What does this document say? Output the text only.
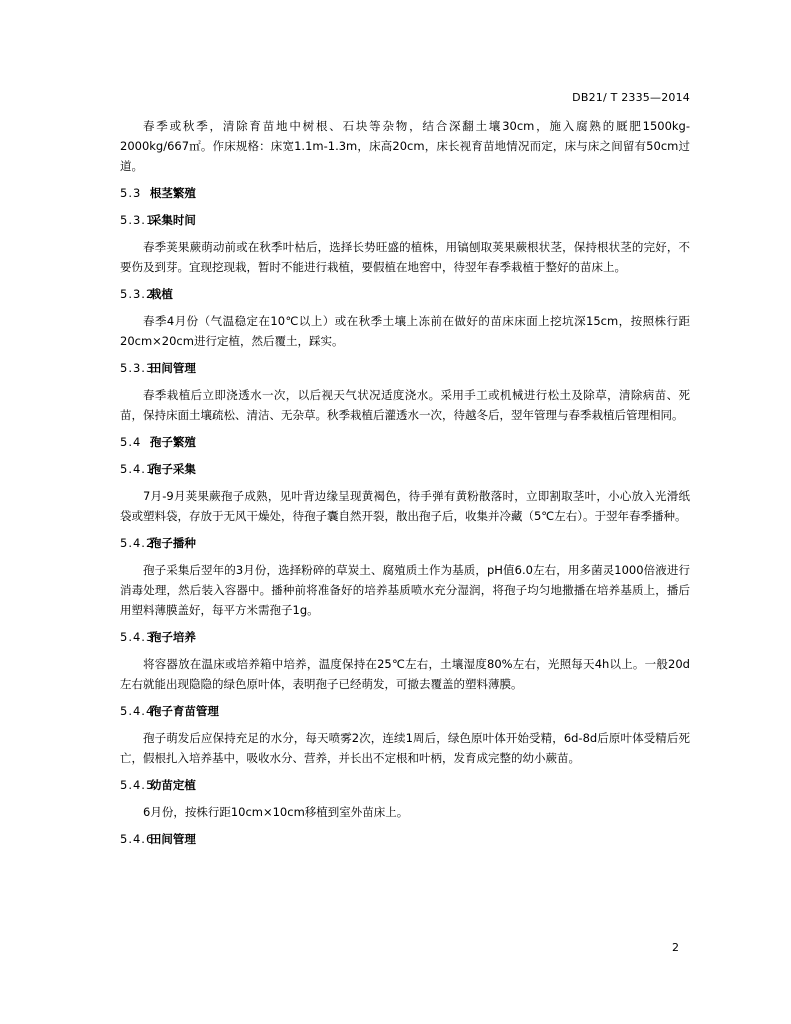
DB21/ T 2335—2014

春季或秋季，清除育苗地中树根、石块等杂物，结合深翻土壤30cm，施入腐熟的厩肥1500kg-2000kg/667㎡。作床规格：床宽1.1m-1.3m，床高20cm，床长视育苗地情况而定，床与床之间留有50cm过道。

5.3 根茎繁殖
5.3.1采集时间

春季荚果蕨萌动前或在秋季叶枯后，选择长势旺盛的植株，用镐刨取荚果蕨根状茎，保持根状茎的完好，不要伤及到芽。宜现挖现栽，暂时不能进行栽植，要假植在地窖中，待翌年春季栽植于整好的苗床上。

5.3.2栽植

春季4月份（气温稳定在10℃以上）或在秋季土壤上冻前在做好的苗床床面上挖坑深15cm，按照株行距20cm×20cm进行定植，然后覆土，踩实。

5.3.3田间管理

春季栽植后立即浇透水一次，以后视天气状况适度浇水。采用手工或机械进行松土及除草，清除病苗、死苗，保持床面土壤疏松、清洁、无杂草。秋季栽植后灌透水一次，待越冬后，翌年管理与春季栽植后管理相同。

5.4 孢子繁殖
5.4.1孢子采集

7月-9月荚果蕨孢子成熟，见叶背边缘呈现黄褐色，待手弹有黄粉散落时，立即割取茎叶，小心放入光滑纸袋或塑料袋，存放于无风干燥处，待孢子囊自然开裂，散出孢子后，收集并冷藏（5℃左右）。于翌年春季播种。

5.4.2孢子播种

孢子采集后翌年的3月份，选择粉碎的草炭土、腐殖质土作为基质，pH值6.0左右，用多菌灵1000倍液进行消毒处理，然后装入容器中。播种前将准备好的培养基质喷水充分湿润，将孢子均匀地撒播在培养基质上，播后用塑料薄膜盖好，每平方米需孢子1g。

5.4.3孢子培养

将容器放在温床或培养箱中培养，温度保持在25℃左右，土壤湿度80%左右，光照每天4h以上。一般20d左右就能出现隐隐的绿色原叶体，表明孢子已经萌发，可撤去覆盖的塑料薄膜。

5.4.4孢子育苗管理

孢子萌发后应保持充足的水分，每天喷雾2次，连续1周后，绿色原叶体开始受精，6d-8d后原叶体受精后死亡，假根扎入培养基中，吸收水分、营养，并长出不定根和叶柄，发育成完整的幼小蕨苗。

5.4.5幼苗定植

6月份，按株行距10cm×10cm移植到室外苗床上。

5.4.6田间管理
2
